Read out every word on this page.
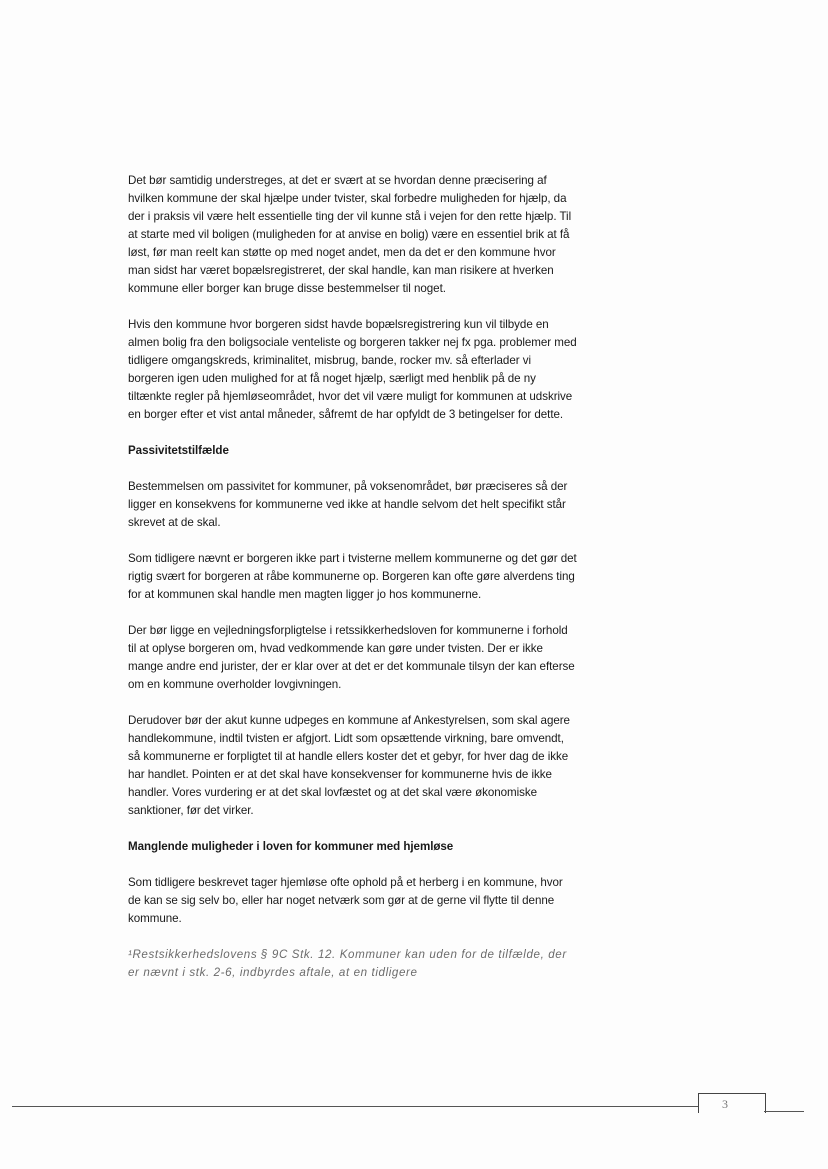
Det bør samtidig understreges, at det er svært at se hvordan denne præcisering af hvilken kommune der skal hjælpe under tvister, skal forbedre muligheden for hjælp, da der i praksis vil være helt essentielle ting der vil kunne stå i vejen for den rette hjælp. Til at starte med vil boligen (muligheden for at anvise en bolig) være en essentiel brik at få løst, før man reelt kan støtte op med noget andet, men da det er den kommune hvor man sidst har været bopælsregistreret, der skal handle, kan man risikere at hverken kommune eller borger kan bruge disse bestemmelser til noget.

Hvis den kommune hvor borgeren sidst havde bopælsregistrering kun vil tilbyde en almen bolig fra den boligsociale venteliste og borgeren takker nej fx pga. problemer med tidligere omgangskreds, kriminalitet, misbrug, bande, rocker mv. så efterlader vi borgeren igen uden mulighed for at få noget hjælp, særligt med henblik på de ny tiltænkte regler på hjemløseområdet, hvor det vil være muligt for kommunen at udskrive en borger efter et vist antal måneder, såfremt de har opfyldt de 3 betingelser for dette.

Passivitetstilfælde

Bestemmelsen om passivitet for kommuner, på voksenområdet, bør præciseres så der ligger en konsekvens for kommunerne ved ikke at handle selvom det helt specifikt står skrevet at de skal.

Som tidligere nævnt er borgeren ikke part i tvisterne mellem kommunerne og det gør det rigtig svært for borgeren at råbe kommunerne op. Borgeren kan ofte gøre alverdens ting for at kommunen skal handle men magten ligger jo hos kommunerne.

Der bør ligge en vejledningsforpligtelse i retssikkerhedsloven for kommunerne i forhold til at oplyse borgeren om, hvad vedkommende kan gøre under tvisten. Der er ikke mange andre end jurister, der er klar over at det er det kommunale tilsyn der kan efterse om en kommune overholder lovgivningen.

Derudover bør der akut kunne udpeges en kommune af Ankestyrelsen, som skal agere handlekommune, indtil tvisten er afgjort. Lidt som opsættende virkning, bare omvendt, så kommunerne er forpligtet til at handle ellers koster det et gebyr, for hver dag de ikke har handlet. Pointen er at det skal have konsekvenser for kommunerne hvis de ikke handler. Vores vurdering er at det skal lovfæstet og at det skal være økonomiske sanktioner, før det virker.

Manglende muligheder i loven for kommuner med hjemløse

Som tidligere beskrevet tager hjemløse ofte ophold på et herberg i en kommune, hvor de kan se sig selv bo, eller har noget netværk som gør at de gerne vil flytte til denne kommune.

¹Restsikkerhedslovens § 9C Stk. 12. Kommuner kan uden for de tilfælde, der er nævnt i stk. 2-6, indbyrdes aftale, at en tidligere

3
